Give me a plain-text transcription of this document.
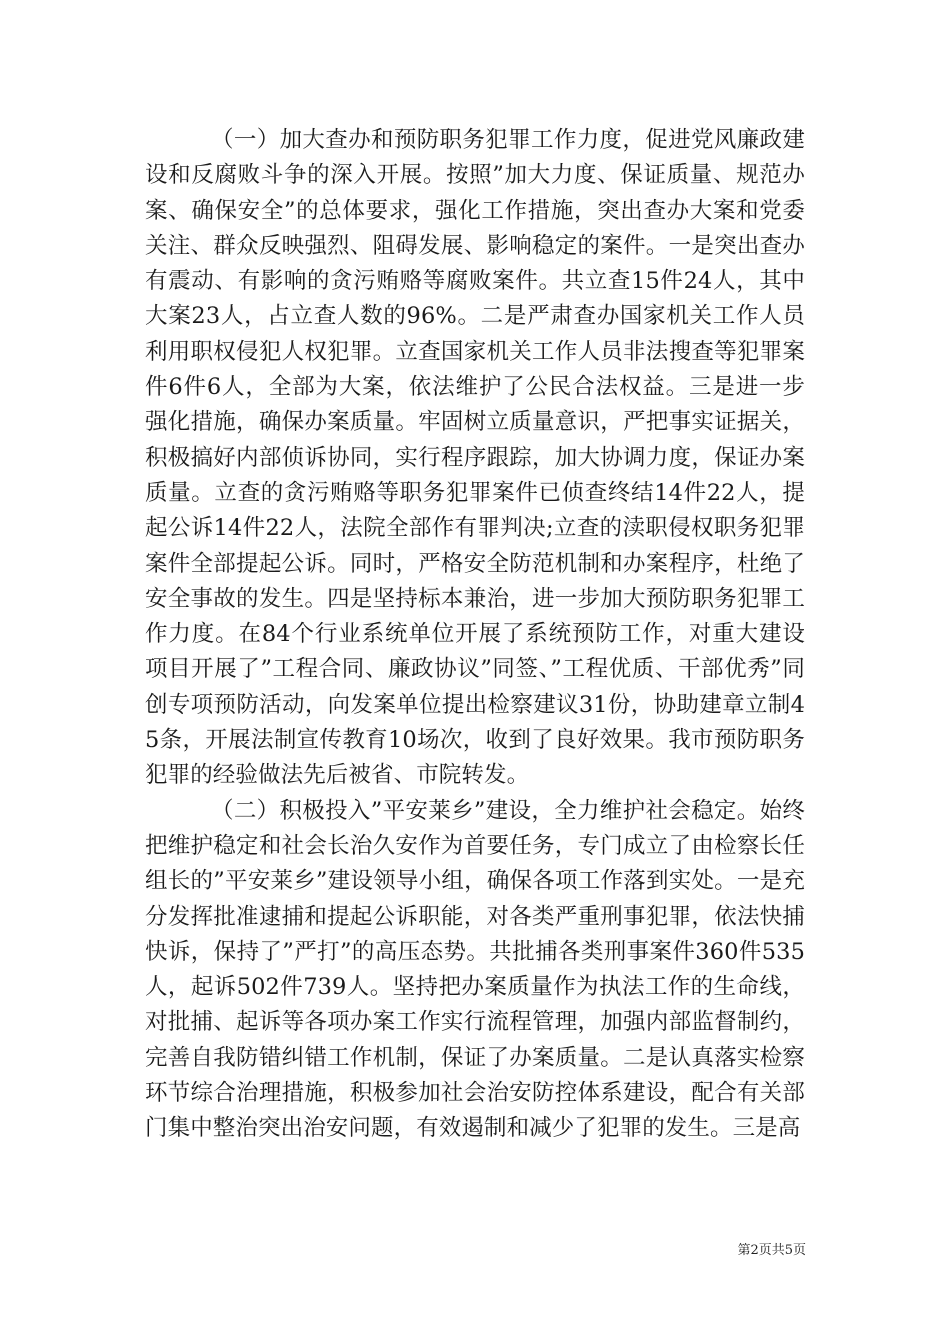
（一）加大查办和预防职务犯罪工作力度，促进党风廉政建设和反腐败斗争的深入开展。按照”加大力度、保证质量、规范办案、确保安全”的总体要求，强化工作措施，突出查办大案和党委关注、群众反映强烈、阻碍发展、影响稳定的案件。一是突出查办有震动、有影响的贪污贿赂等腐败案件。共立查15件24人，其中大案23人，占立查人数的96%。二是严肃查办国家机关工作人员利用职权侵犯人权犯罪。立查国家机关工作人员非法搜查等犯罪案件6件6人，全部为大案，依法维护了公民合法权益。三是进一步强化措施，确保办案质量。牢固树立质量意识，严把事实证据关，积极搞好内部侦诉协同，实行程序跟踪，加大协调力度，保证办案质量。立查的贪污贿赂等职务犯罪案件已侦查终结14件22人，提起公诉14件22人，法院全部作有罪判决;立查的渎职侵权职务犯罪案件全部提起公诉。同时，严格安全防范机制和办案程序，杜绝了安全事故的发生。四是坚持标本兼治，进一步加大预防职务犯罪工作力度。在84个行业系统单位开展了系统预防工作，对重大建设项目开展了”工程合同、廉政协议”同签、”工程优质、干部优秀”同创专项预防活动，向发案单位提出检察建议31份，协助建章立制45条，开展法制宣传教育10场次，收到了良好效果。我市预防职务犯罪的经验做法先后被省、市院转发。

（二）积极投入”平安莱乡”建设，全力维护社会稳定。始终把维护稳定和社会长治久安作为首要任务，专门成立了由检察长任组长的”平安莱乡”建设领导小组，确保各项工作落到实处。一是充分发挥批准逮捕和提起公诉职能，对各类严重刑事犯罪，依法快捕快诉，保持了”严打”的高压态势。共批捕各类刑事案件360件535人，起诉502件739人。坚持把办案质量作为执法工作的生命线，对批捕、起诉等各项办案工作实行流程管理，加强内部监督制约，完善自我防错纠错工作机制，保证了办案质量。二是认真落实检察环节综合治理措施，积极参加社会治安防控体系建设，配合有关部门集中整治突出治安问题，有效遏制和减少了犯罪的发生。三是高

第2页共5页
